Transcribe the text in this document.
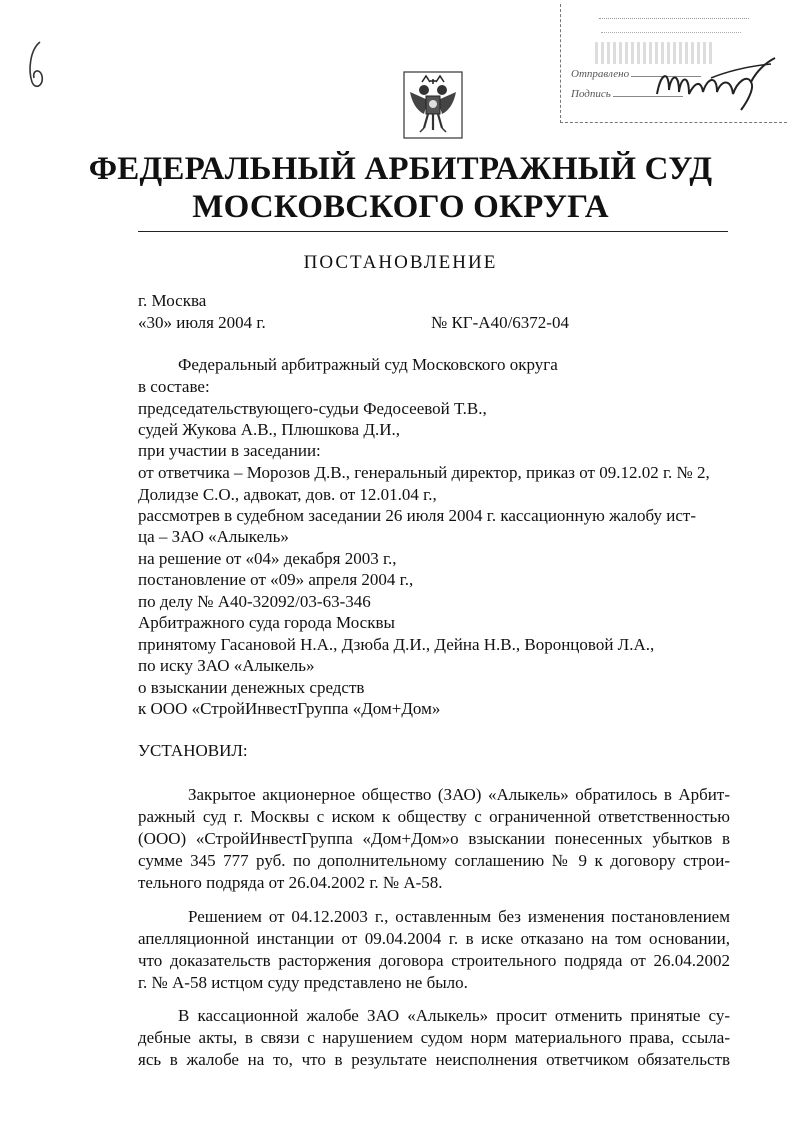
Отправлено
Подпись
ФЕДЕРАЛЬНЫЙ АРБИТРАЖНЫЙ СУД
МОСКОВСКОГО ОКРУГА
ПОСТАНОВЛЕНИЕ
г. Москва
«30» июля 2004 г.	№ КГ-А40/6372-04
Федеральный арбитражный суд Московского округа
в составе:
председательствующего-судьи Федосеевой Т.В.,
судей Жукова А.В., Плюшкова Д.И.,
при участии в заседании:
от ответчика – Морозов Д.В., генеральный директор, приказ от 09.12.02 г. № 2,
Долидзе С.О., адвокат, дов. от 12.01.04 г.,
рассмотрев в судебном заседании 26 июля 2004 г. кассационную жалобу ист-
ца – ЗАО «Алыкель»
на решение от «04» декабря 2003 г.,
постановление от «09» апреля 2004 г.,
по делу № А40-32092/03-63-346
Арбитражного суда города Москвы
принятому Гасановой Н.А., Дзюба Д.И., Дейна Н.В., Воронцовой Л.А.,
по иску ЗАО «Алыкель»
о взыскании денежных средств
к ООО «СтройИнвестГруппа «Дом+Дом»
УСТАНОВИЛ:
Закрытое акционерное общество (ЗАО) «Алыкель» обратилось в Арбит-
ражный суд г. Москвы с иском к обществу с ограниченной ответственностью
(ООО) «СтройИнвестГруппа «Дом+Дом»о взыскании понесенных убытков в
сумме 345 777 руб. по дополнительному соглашению № 9 к договору строи-
тельного подряда от 26.04.2002 г. № А-58.
Решением от 04.12.2003 г., оставленным без изменения постановлением
апелляционной инстанции от 09.04.2004 г. в иске отказано на том основании,
что доказательств расторжения договора строительного подряда от 26.04.2002
г. № А-58 истцом суду представлено не было.
В кассационной жалобе ЗАО «Алыкель» просит отменить принятые су-
дебные акты, в связи с нарушением судом норм материального права, ссыла-
ясь в жалобе на то, что в результате неисполнения ответчиком обязательств
